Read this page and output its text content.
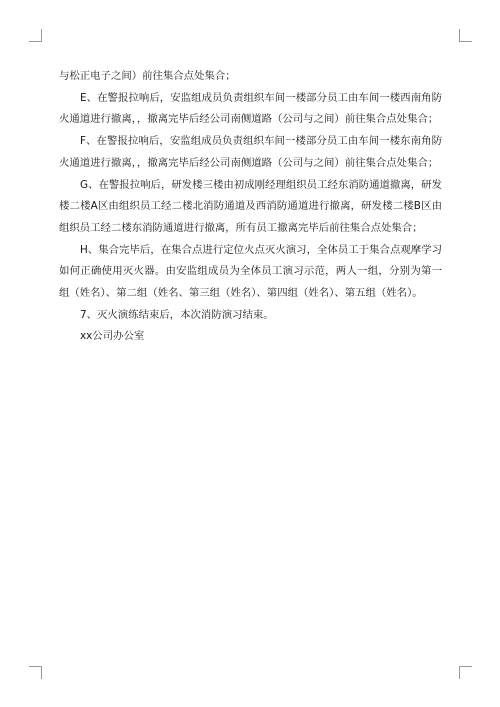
与松正电子之间）前往集合点处集合；

E、在警报拉响后，安监组成员负责组织车间一楼部分员工由车间一楼西南角防火通道进行撤离，，撤离完毕后经公司南侧道路（公司与之间）前往集合点处集合；

F、在警报拉响后，安监组成员负责组织车间一楼部分员工由车间一楼东南角防火通道进行撤离，，撤离完毕后经公司南侧道路（公司与之间）前往集合点处集合；

G、在警报拉响后，研发楼三楼由初成刚经理组织员工经东消防通道撤离，研发楼二楼A区由组织员工经二楼北消防通道及西消防通道进行撤离，研发楼二楼B区由组织员工经二楼东消防通道进行撤离，所有员工撤离完毕后前往集合点处集合；

H、集合完毕后，在集合点进行定位火点灭火演习，全体员工于集合点观摩学习如何正确使用灭火器。由安监组成员为全体员工演习示范，两人一组，分别为第一组（姓名）、第二组（姓名、第三组（姓名）、第四组（姓名）、第五组（姓名）。

7、灭火演练结束后，本次消防演习结束。

xx公司办公室
